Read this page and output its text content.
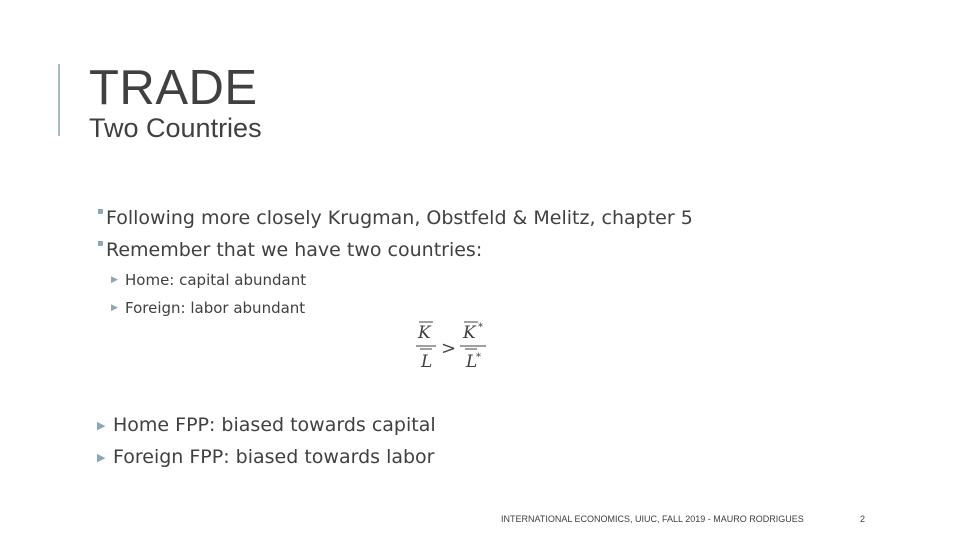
TRADE
Two Countries
▪ Following more closely Krugman, Obstfeld & Melitz, chapter 5
▪ Remember that we have two countries:
▶ Home: capital abundant
▶ Foreign: labor abundant
K
L
>
K *
L
*
▶ Home FPP: biased towards capital
▶ Foreign FPP: biased towards labor
INTERNATIONAL ECONOMICS, UIUC, FALL 2019 - MAURO RODRIGUES	2
